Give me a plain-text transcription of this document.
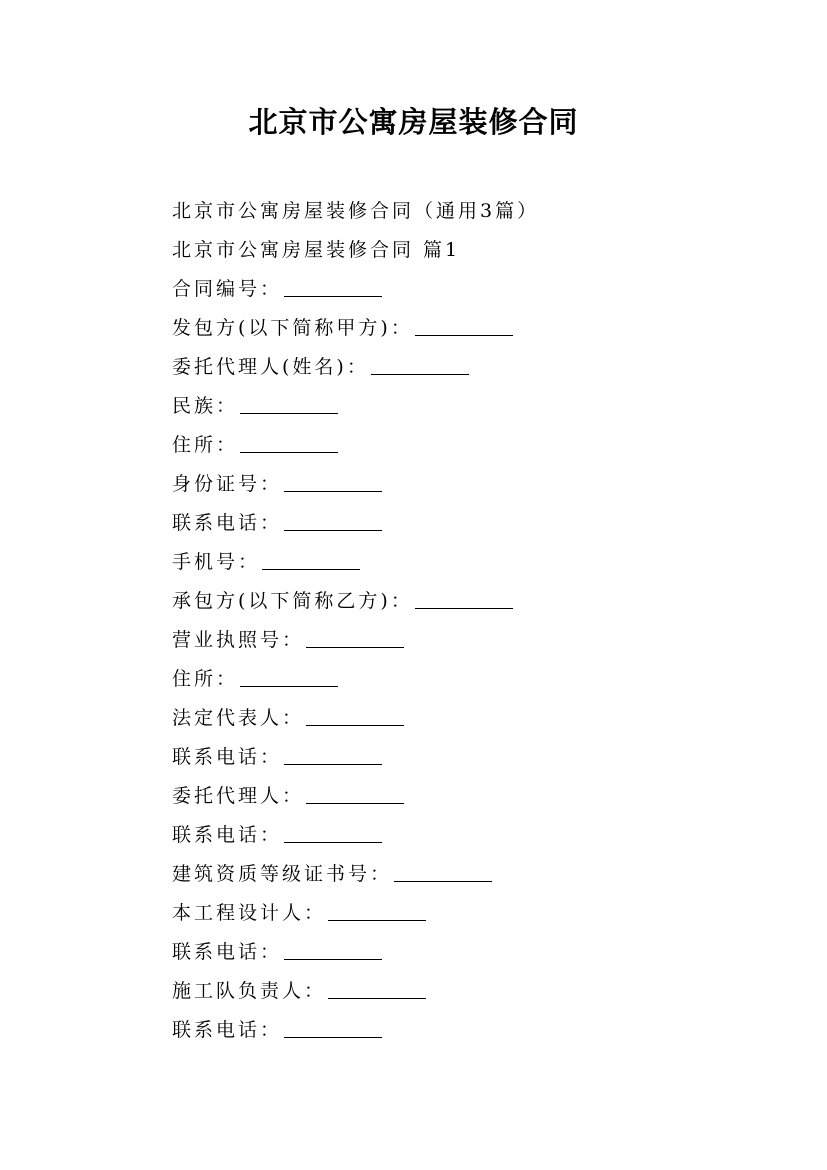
北京市公寓房屋装修合同
北京市公寓房屋装修合同（通用3篇）
北京市公寓房屋装修合同 篇1
合同编号：
发包方(以下简称甲方)：
委托代理人(姓名)：
民族：
住所：
身份证号：
联系电话：
手机号：
承包方(以下简称乙方)：
营业执照号：
住所：
法定代表人：
联系电话：
委托代理人：
联系电话：
建筑资质等级证书号：
本工程设计人：
联系电话：
施工队负责人：
联系电话：
